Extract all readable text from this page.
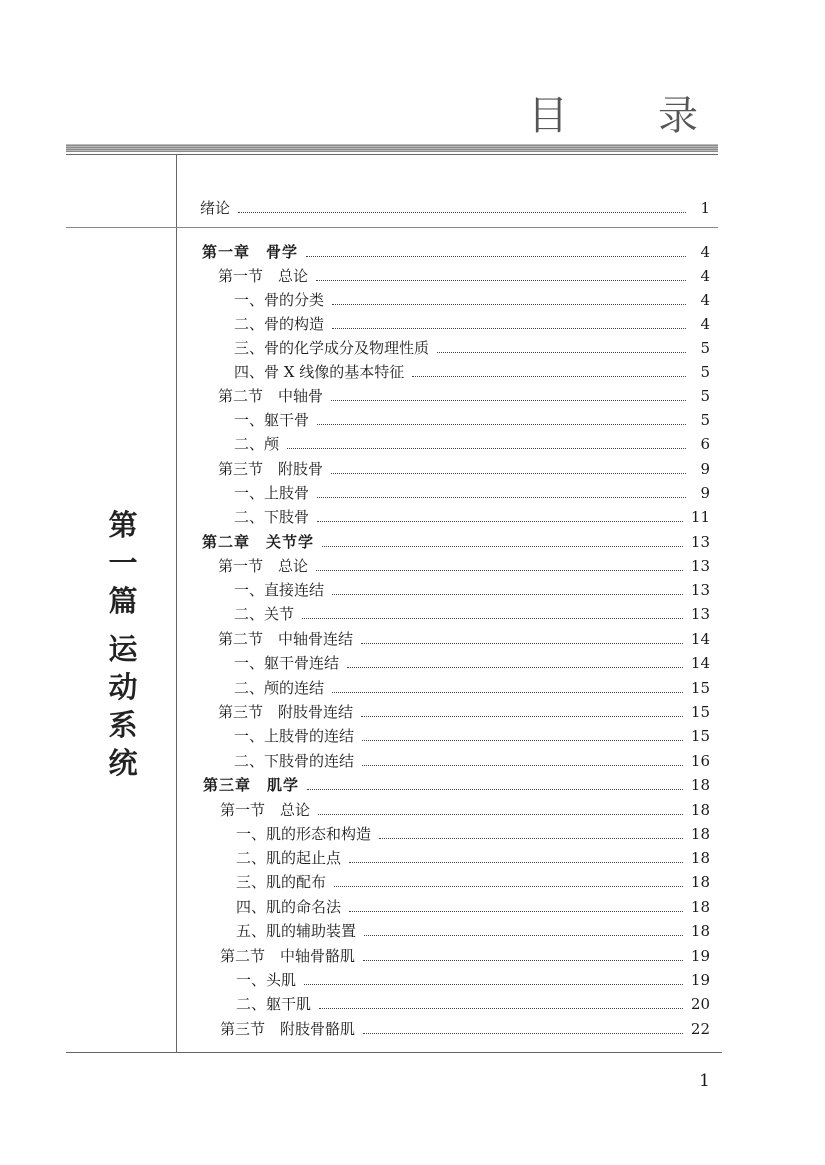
目 录
第
一
篇
运
动
系
统
绪论	1
第一章　骨学	4
第一节　总论	4
一、骨的分类	4
二、骨的构造	4
三、骨的化学成分及物理性质	5
四、骨 X 线像的基本特征	5
第二节　中轴骨	5
一、躯干骨	5
二、颅	6
第三节　附肢骨	9
一、上肢骨	9
二、下肢骨	11
第二章　关节学	13
第一节　总论	13
一、直接连结	13
二、关节	13
第二节　中轴骨连结	14
一、躯干骨连结	14
二、颅的连结	15
第三节　附肢骨连结	15
一、上肢骨的连结	15
二、下肢骨的连结	16
第三章　肌学	18
第一节　总论	18
一、肌的形态和构造	18
二、肌的起止点	18
三、肌的配布	18
四、肌的命名法	18
五、肌的辅助装置	18
第二节　中轴骨骼肌	19
一、头肌	19
二、躯干肌	20
第三节　附肢骨骼肌	22
1
